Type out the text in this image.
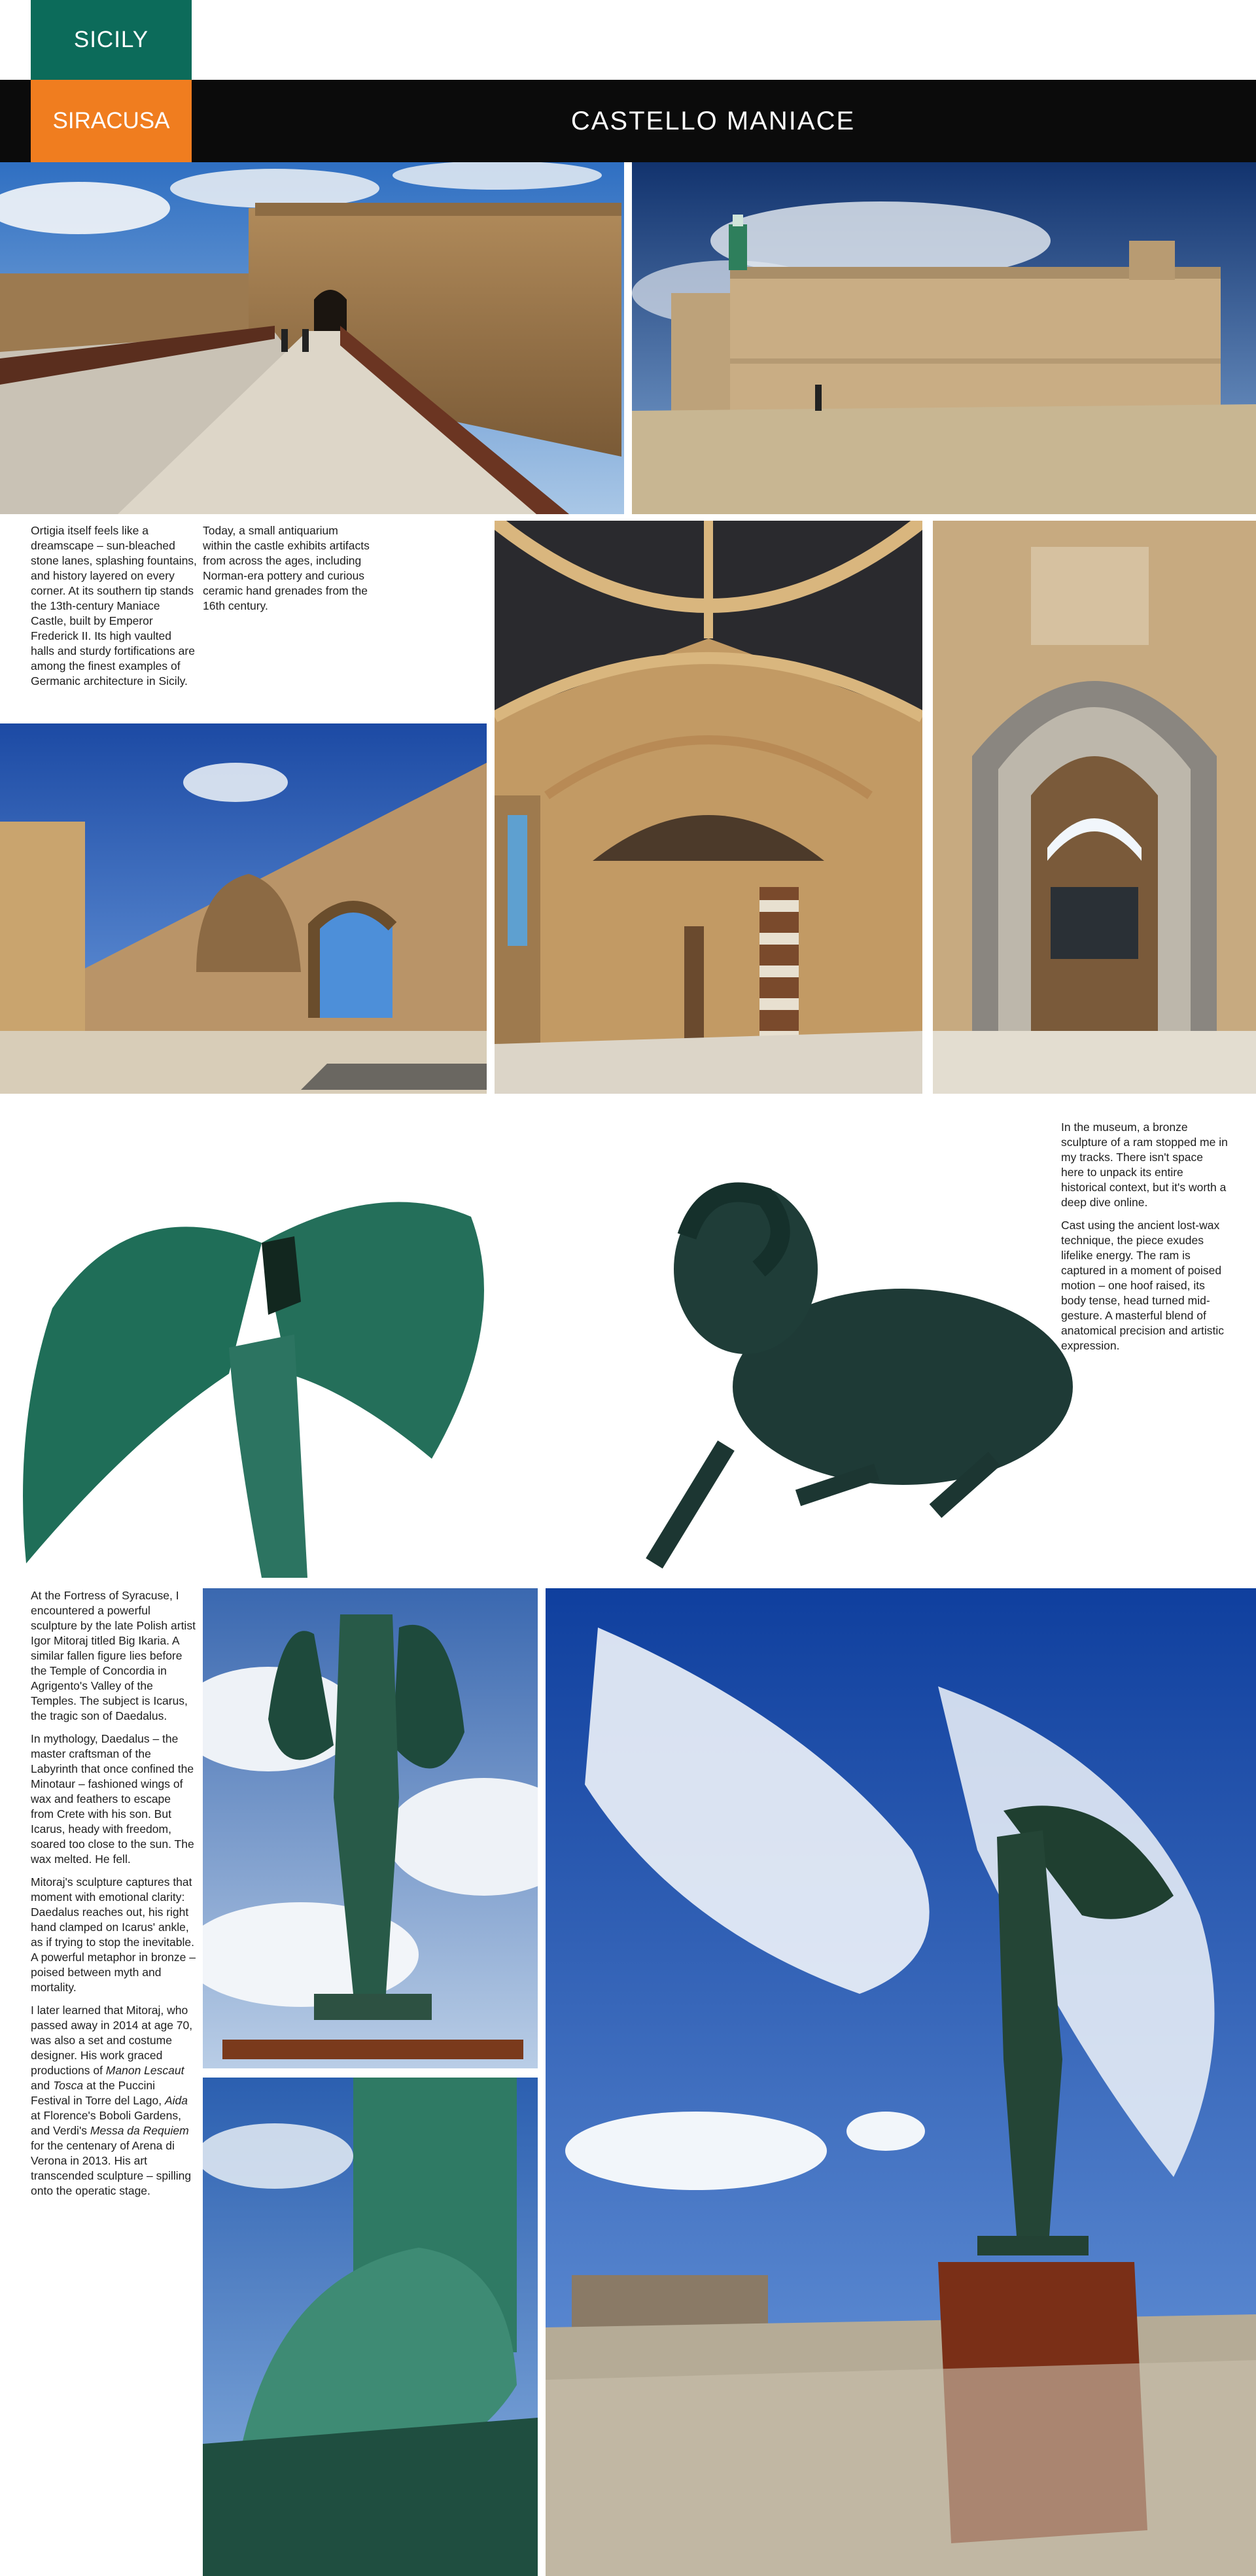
SICILY
SIRACUSA	CASTELLO MANIACE

Ortigia itself feels like a dreamscape – sun-bleached stone lanes, splashing fountains, and history layered on every corner. At its southern tip stands the 13th-century Maniace Castle, built by Emperor Frederick II. Its high vaulted halls and sturdy fortifications are among the finest examples of Germanic architecture in Sicily.

Today, a small antiquarium within the castle exhibits artifacts from across the ages, including Norman-era pottery and curious ceramic hand grenades from the 16th century.

In the museum, a bronze sculpture of a ram stopped me in my tracks. There isn't space here to unpack its entire historical context, but it's worth a deep dive online.

Cast using the ancient lost-wax technique, the piece exudes lifelike energy. The ram is captured in a moment of poised motion – one hoof raised, its body tense, head turned mid-gesture. A masterful blend of anatomical precision and artistic expression.

At the Fortress of Syracuse, I encountered a powerful sculpture by the late Polish artist Igor Mitoraj titled Big Ikaria. A similar fallen figure lies before the Temple of Concordia in Agrigento's Valley of the Temples. The subject is Icarus, the tragic son of Daedalus.

In mythology, Daedalus – the master craftsman of the Labyrinth that once confined the Minotaur – fashioned wings of wax and feathers to escape from Crete with his son. But Icarus, heady with freedom, soared too close to the sun. The wax melted. He fell.

Mitoraj's sculpture captures that moment with emotional clarity: Daedalus reaches out, his right hand clamped on Icarus' ankle, as if trying to stop the inevitable. A powerful metaphor in bronze – poised between myth and mortality.

I later learned that Mitoraj, who passed away in 2014 at age 70, was also a set and costume designer. His work graced productions of Manon Lescaut and Tosca at the Puccini Festival in Torre del Lago, Aida at Florence's Boboli Gardens, and Verdi's Messa da Requiem for the centenary of Arena di Verona in 2013. His art transcended sculpture – spilling onto the operatic stage.
